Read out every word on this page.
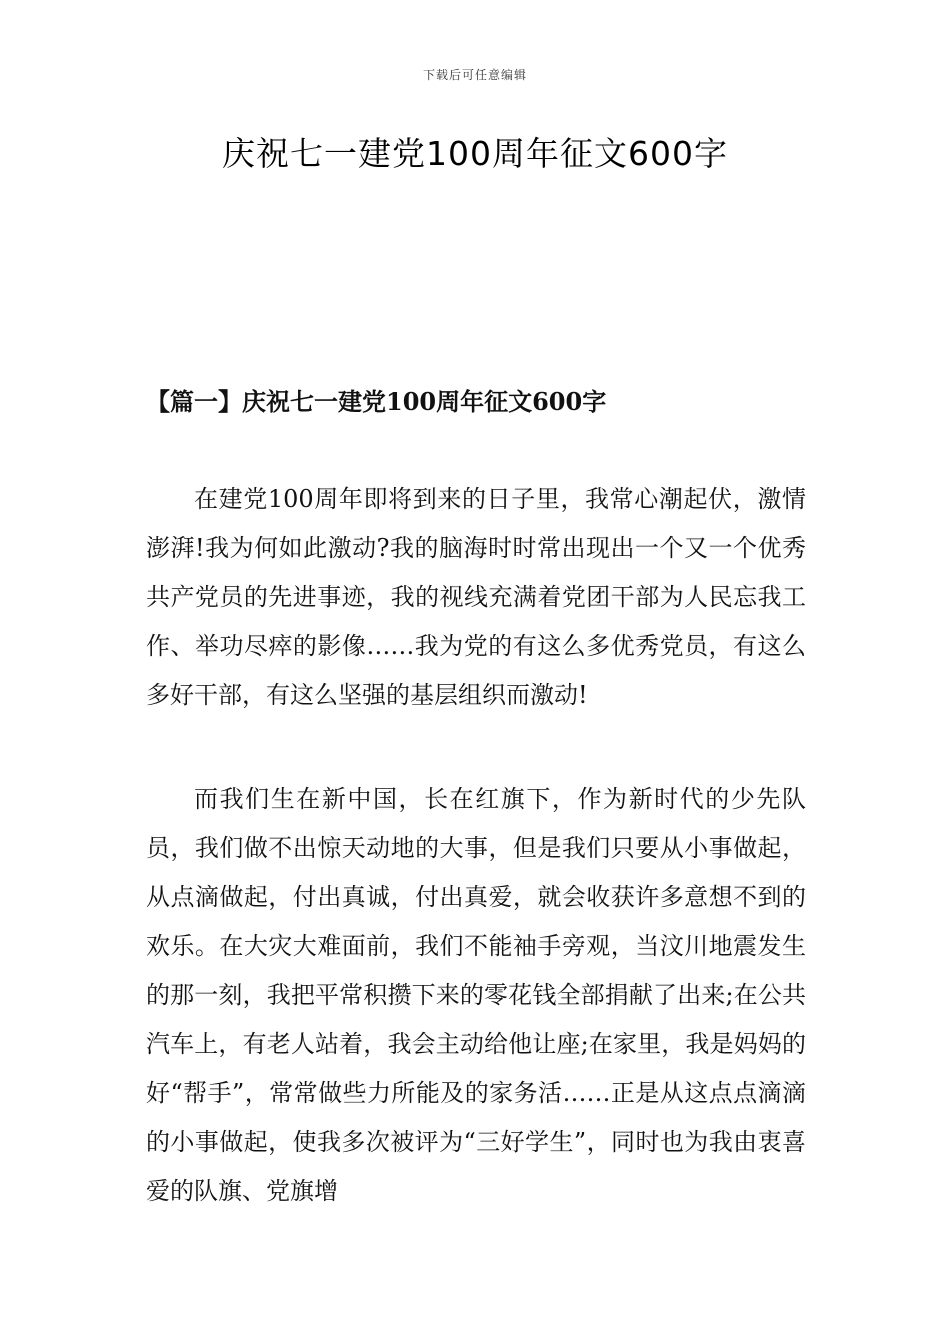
下载后可任意编辑
庆祝七一建党100周年征文600字
【篇一】庆祝七一建党100周年征文600字

在建党100周年即将到来的日子里，我常心潮起伏，激情澎湃!我为何如此激动?我的脑海时时常出现出一个又一个优秀共产党员的先进事迹，我的视线充满着党团干部为人民忘我工作、举功尽瘁的影像……我为党的有这么多优秀党员，有这么多好干部，有这么坚强的基层组织而激动!

而我们生在新中国，长在红旗下，作为新时代的少先队员，我们做不出惊天动地的大事，但是我们只要从小事做起，从点滴做起，付出真诚，付出真爱，就会收获许多意想不到的欢乐。在大灾大难面前，我们不能袖手旁观，当汶川地震发生的那一刻，我把平常积攒下来的零花钱全部捐献了出来;在公共汽车上，有老人站着，我会主动给他让座;在家里，我是妈妈的好“帮手”，常常做些力所能及的家务活……正是从这点点滴滴的小事做起，使我多次被评为“三好学生”，同时也为我由衷喜爱的队旗、党旗增
